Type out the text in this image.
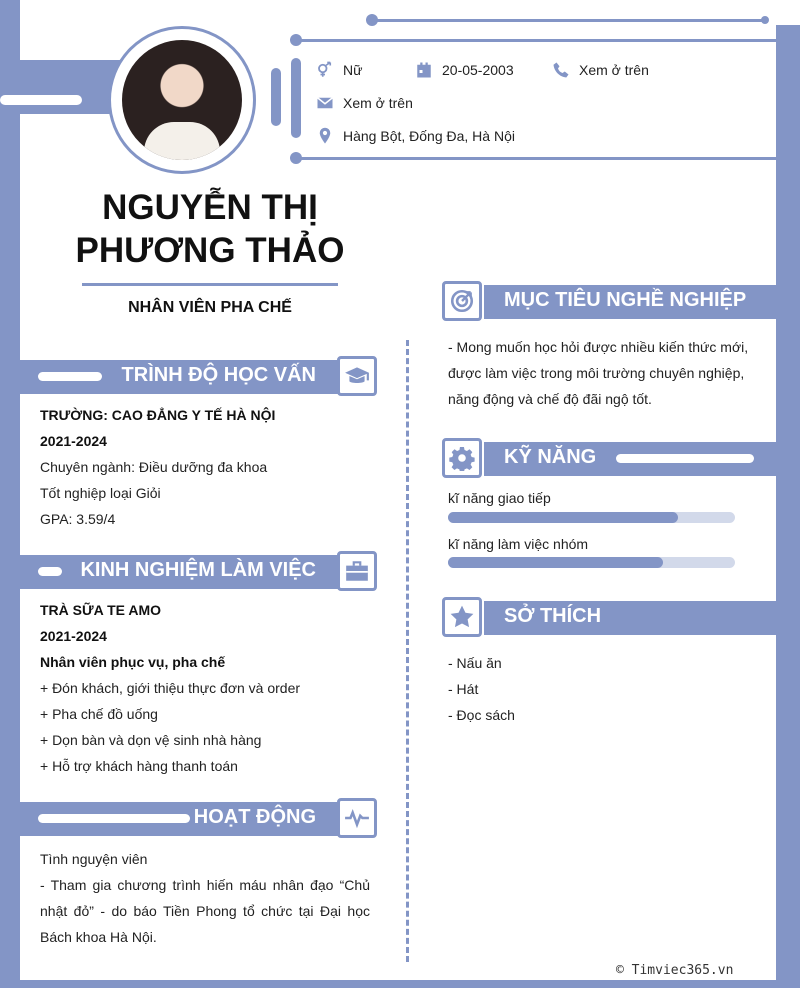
Nữ	20-05-2003	Xem ở trên
Xem ở trên
Hàng Bột, Đống Đa, Hà Nội
NGUYỄN THỊ
PHƯƠNG THẢO
NHÂN VIÊN PHA CHẾ
TRÌNH ĐỘ HỌC VẤN
TRƯỜNG: CAO ĐẲNG Y TẾ HÀ NỘI
2021-2024
Chuyên ngành: Điều dưỡng đa khoa
Tốt nghiệp loại Giỏi
GPA: 3.59/4
KINH NGHIỆM LÀM VIỆC
TRÀ SỮA TE AMO
2021-2024
Nhân viên phục vụ, pha chế
+ Đón khách, giới thiệu thực đơn và order
+ Pha chế đồ uống
+ Dọn bàn và dọn vệ sinh nhà hàng
+ Hỗ trợ khách hàng thanh toán
HOẠT ĐỘNG
Tình nguyện viên
- Tham gia chương trình hiến máu nhân đạo “Chủ nhật đỏ” - do báo Tiền Phong tổ chức tại Đại học Bách khoa Hà Nội.
MỤC TIÊU NGHỀ NGHIỆP
- Mong muốn học hỏi được nhiều kiến thức mới,
được làm việc trong môi trường chuyên nghiệp,
năng động và chế độ đãi ngộ tốt.
KỸ NĂNG
kĩ năng giao tiếp
kĩ năng làm việc nhóm
SỞ THÍCH
- Nấu ăn
- Hát
- Đọc sách
© Timviec365.vn
